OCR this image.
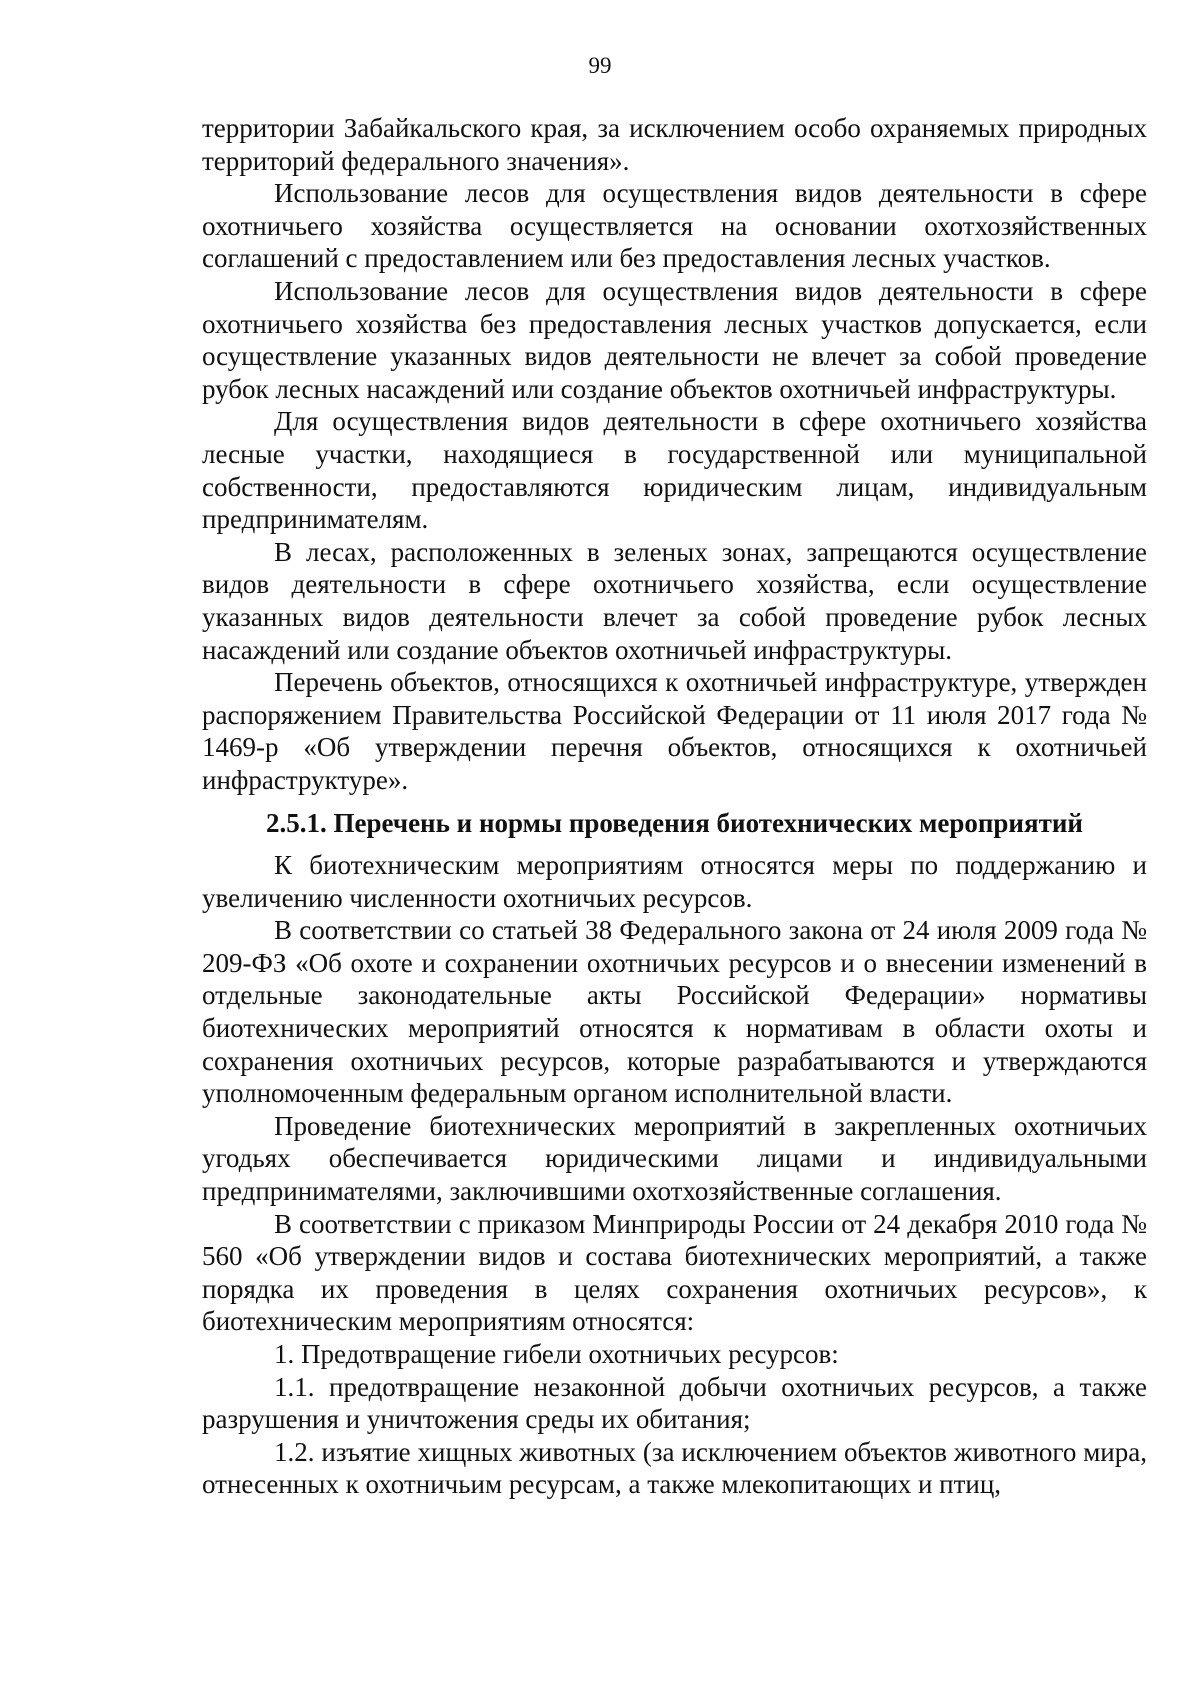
99

территории Забайкальского края, за исключением особо охраняемых природных территорий федерального значения».

Использование лесов для осуществления видов деятельности в сфере охотничьего хозяйства осуществляется на основании охотхозяйственных соглашений с предоставлением или без предоставления лесных участков.

Использование лесов для осуществления видов деятельности в сфере охотничьего хозяйства без предоставления лесных участков допускается, если осуществление указанных видов деятельности не влечет за собой проведение рубок лесных насаждений или создание объектов охотничьей инфраструктуры.

Для осуществления видов деятельности в сфере охотничьего хозяйства лесные участки, находящиеся в государственной или муниципальной собственности, предоставляются юридическим лицам, индивидуальным предпринимателям.

В лесах, расположенных в зеленых зонах, запрещаются осуществление видов деятельности в сфере охотничьего хозяйства, если осуществление указанных видов деятельности влечет за собой проведение рубок лесных насаждений или создание объектов охотничьей инфраструктуры.

Перечень объектов, относящихся к охотничьей инфраструктуре, утвержден распоряжением Правительства Российской Федерации от 11 июля 2017 года № 1469-р «Об утверждении перечня объектов, относящихся к охотничьей инфраструктуре».

2.5.1. Перечень и нормы проведения биотехнических мероприятий

К биотехническим мероприятиям относятся меры по поддержанию и увеличению численности охотничьих ресурсов.

В соответствии со статьей 38 Федерального закона от 24 июля 2009 года № 209-ФЗ «Об охоте и сохранении охотничьих ресурсов и о внесении изменений в отдельные законодательные акты Российской Федерации» нормативы биотехнических мероприятий относятся к нормативам в области охоты и сохранения охотничьих ресурсов, которые разрабатываются и утверждаются уполномоченным федеральным органом исполнительной власти.

Проведение биотехнических мероприятий в закрепленных охотничьих угодьях обеспечивается юридическими лицами и индивидуальными предпринимателями, заключившими охотхозяйственные соглашения.

В соответствии с приказом Минприроды России от 24 декабря 2010 года № 560 «Об утверждении видов и состава биотехнических мероприятий, а также порядка их проведения в целях сохранения охотничьих ресурсов», к биотехническим мероприятиям относятся:

1. Предотвращение гибели охотничьих ресурсов:

1.1. предотвращение незаконной добычи охотничьих ресурсов, а также разрушения и уничтожения среды их обитания;

1.2. изъятие хищных животных (за исключением объектов животного мира, отнесенных к охотничьим ресурсам, а также млекопитающих и птиц,
